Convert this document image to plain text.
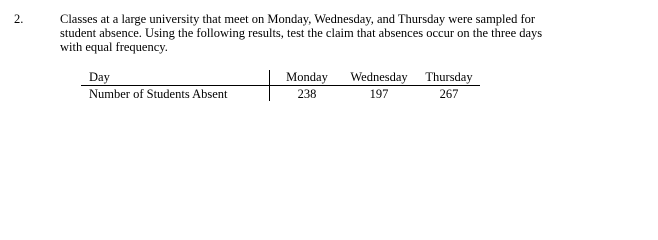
2.	Classes at a large university that meet on Monday, Wednesday, and Thursday were sampled for
student absence. Using the following results, test the claim that absences occur on the three days
with equal frequency.
Day	Monday	Wednesday	Thursday
Number of Students Absent	238	197	267
